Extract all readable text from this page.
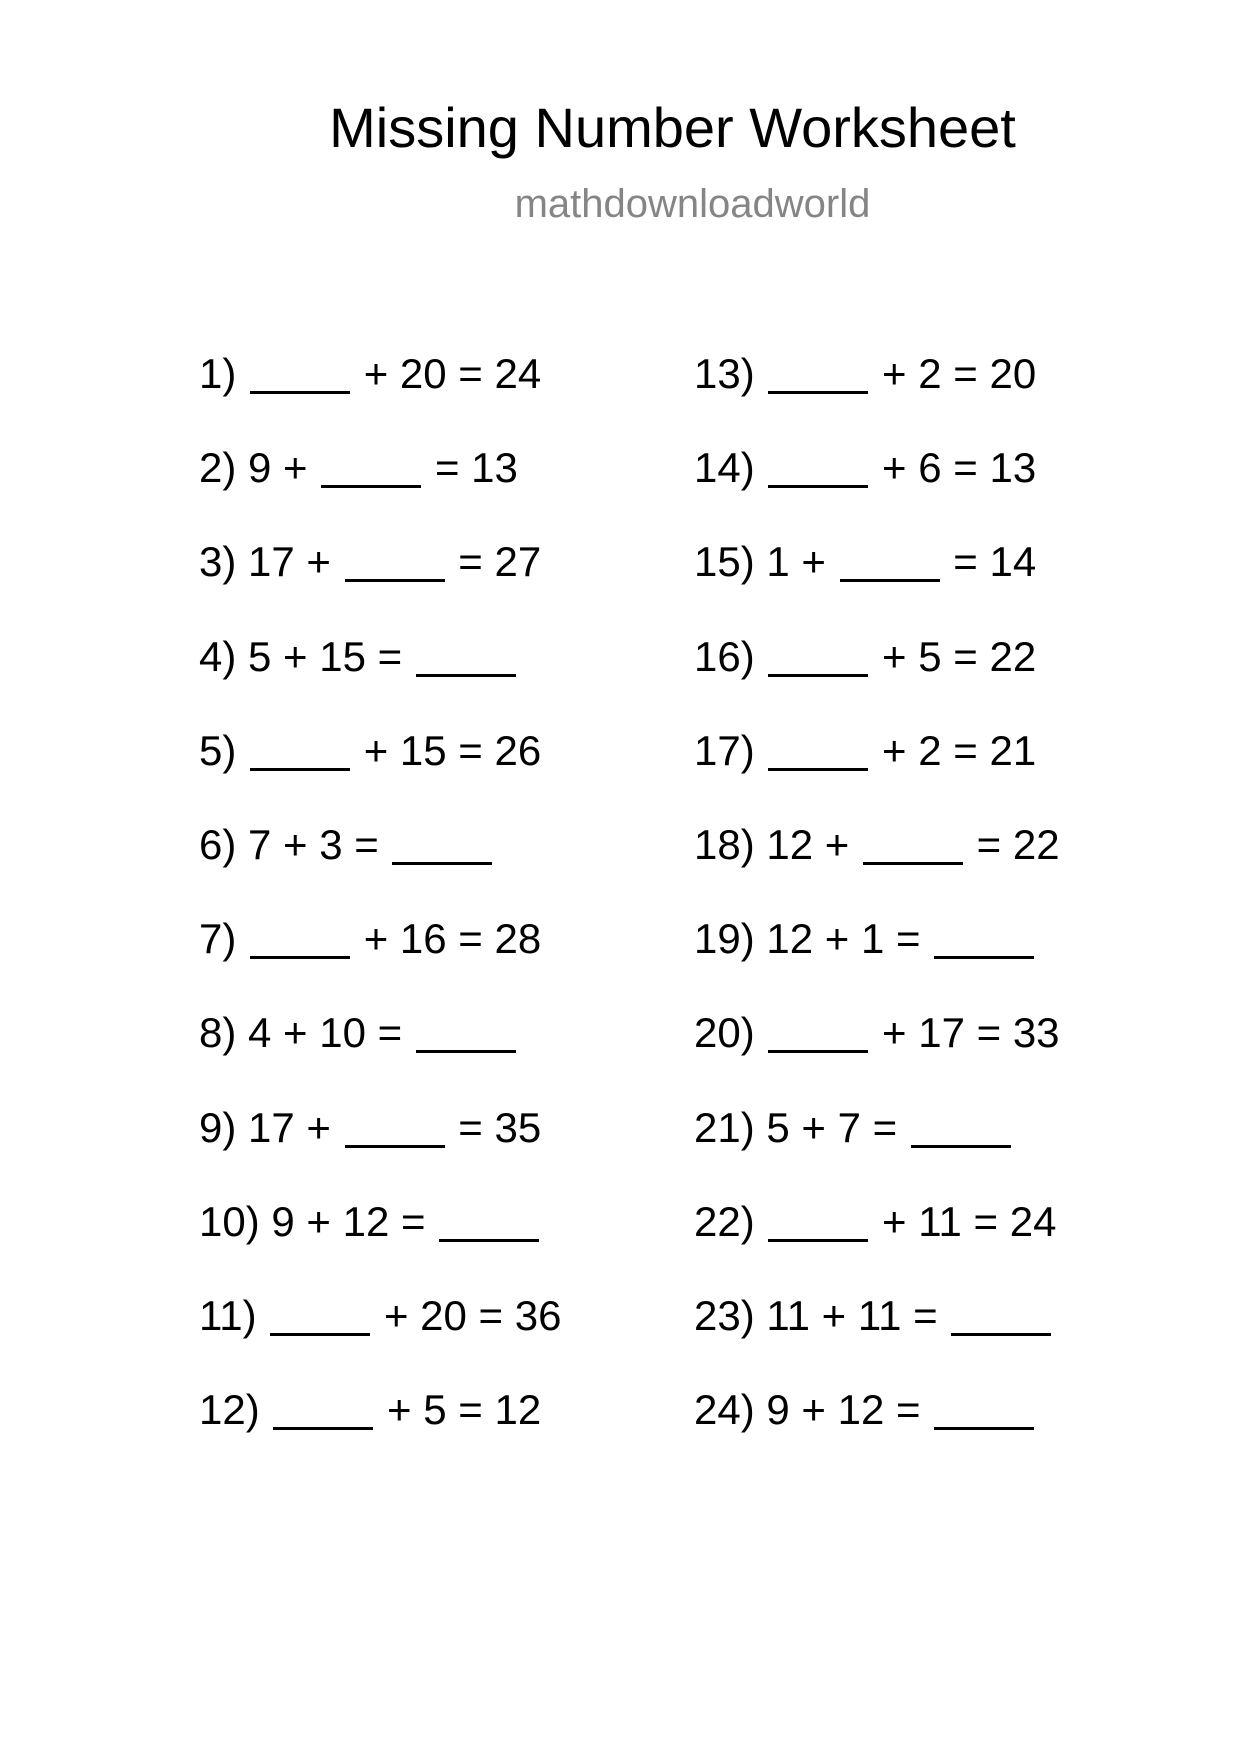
Missing Number Worksheet
mathdownloadworld
1)	+ 20 = 24
2) 9 +	= 13
3) 17 +	= 27
4) 5 + 15 =
5)	+ 15 = 26
6) 7 + 3 =
7)	+ 16 = 28
8) 4 + 10 =
9) 17 +	= 35
10) 9 + 12 =
11)	+ 20 = 36
12)	+ 5 = 12
13)	+ 2 = 20
14)	+ 6 = 13
15) 1 +	= 14
16)	+ 5 = 22
17)	+ 2 = 21
18) 12 +	= 22
19) 12 + 1 =
20)	+ 17 = 33
21) 5 + 7 =
22)	+ 11 = 24
23) 11 + 11 =
24) 9 + 12 =
